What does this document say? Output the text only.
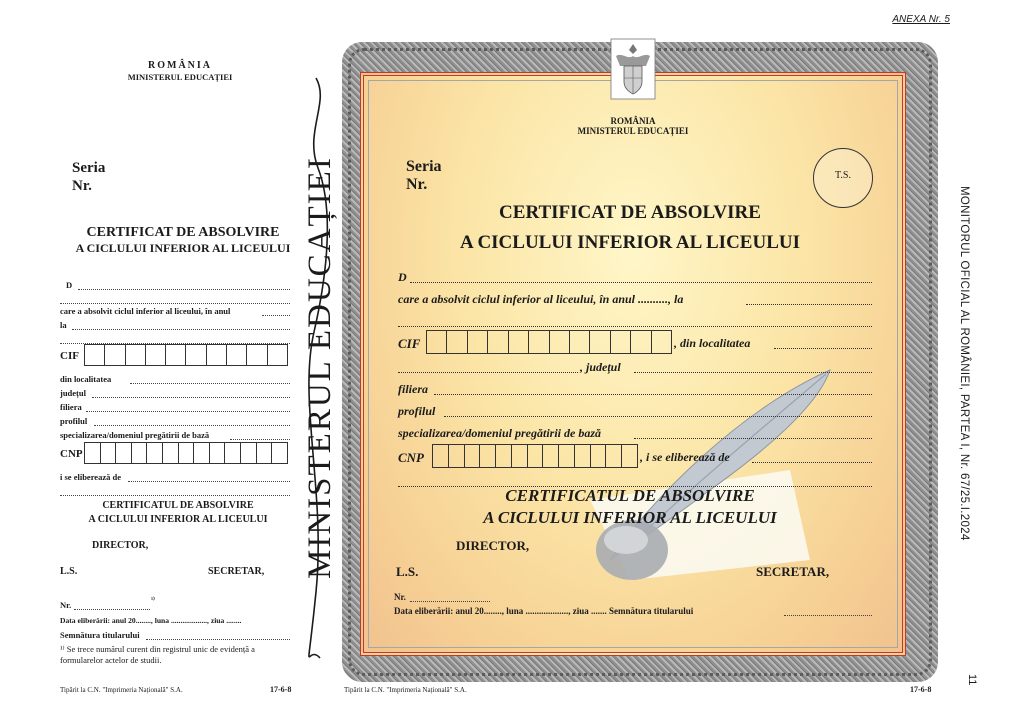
ANEXA Nr. 5
MONITORUL OFICIAL AL ROMÂNIEI, PARTEA I, Nr. 67/25.I.2024
11
ROMÂNIA
MINISTERUL EDUCAȚIEI
Seria
Nr.
CERTIFICAT DE ABSOLVIRE
A CICLULUI INFERIOR AL LICEULUI
D
care a absolvit ciclul inferior al liceului, în anul
la
CIF
din localitatea
județul
filiera
profilul
specializarea/domeniul pregătirii de bază
CNP
i se eliberează de
CERTIFICATUL DE ABSOLVIRE
A CICLULUI INFERIOR AL LICEULUI
DIRECTOR,
L.S.	SECRETAR,
Nr.	¹⁾
Data eliberării: anul 20........, luna ..................., ziua ........
Semnătura titularului
¹⁾ Se trece numărul curent din registrul unic de evidență a formularelor actelor de studii.
Tipărit la C.N. "Imprimeria Națională" S.A.	17-6-8
MINISTERUL EDUCAȚIEI
ROMÂNIA
MINISTERUL EDUCAȚIEI
Seria
Nr.
T.S.
CERTIFICAT DE ABSOLVIRE
A CICLULUI INFERIOR AL LICEULUI
D
care a absolvit ciclul inferior al liceului, în anul .........., la
CIF	, din localitatea
, județul
filiera
profilul
specializarea/domeniul pregătirii de bază
CNP	, i se eliberează de
CERTIFICATUL DE ABSOLVIRE
A CICLULUI INFERIOR AL LICEULUI
DIRECTOR,
L.S.	SECRETAR,
Nr.
Data eliberării: anul 20........, luna ..................., ziua ....... Semnătura titularului
Tipărit la C.N. "Imprimeria Națională" S.A.	17-6-8
